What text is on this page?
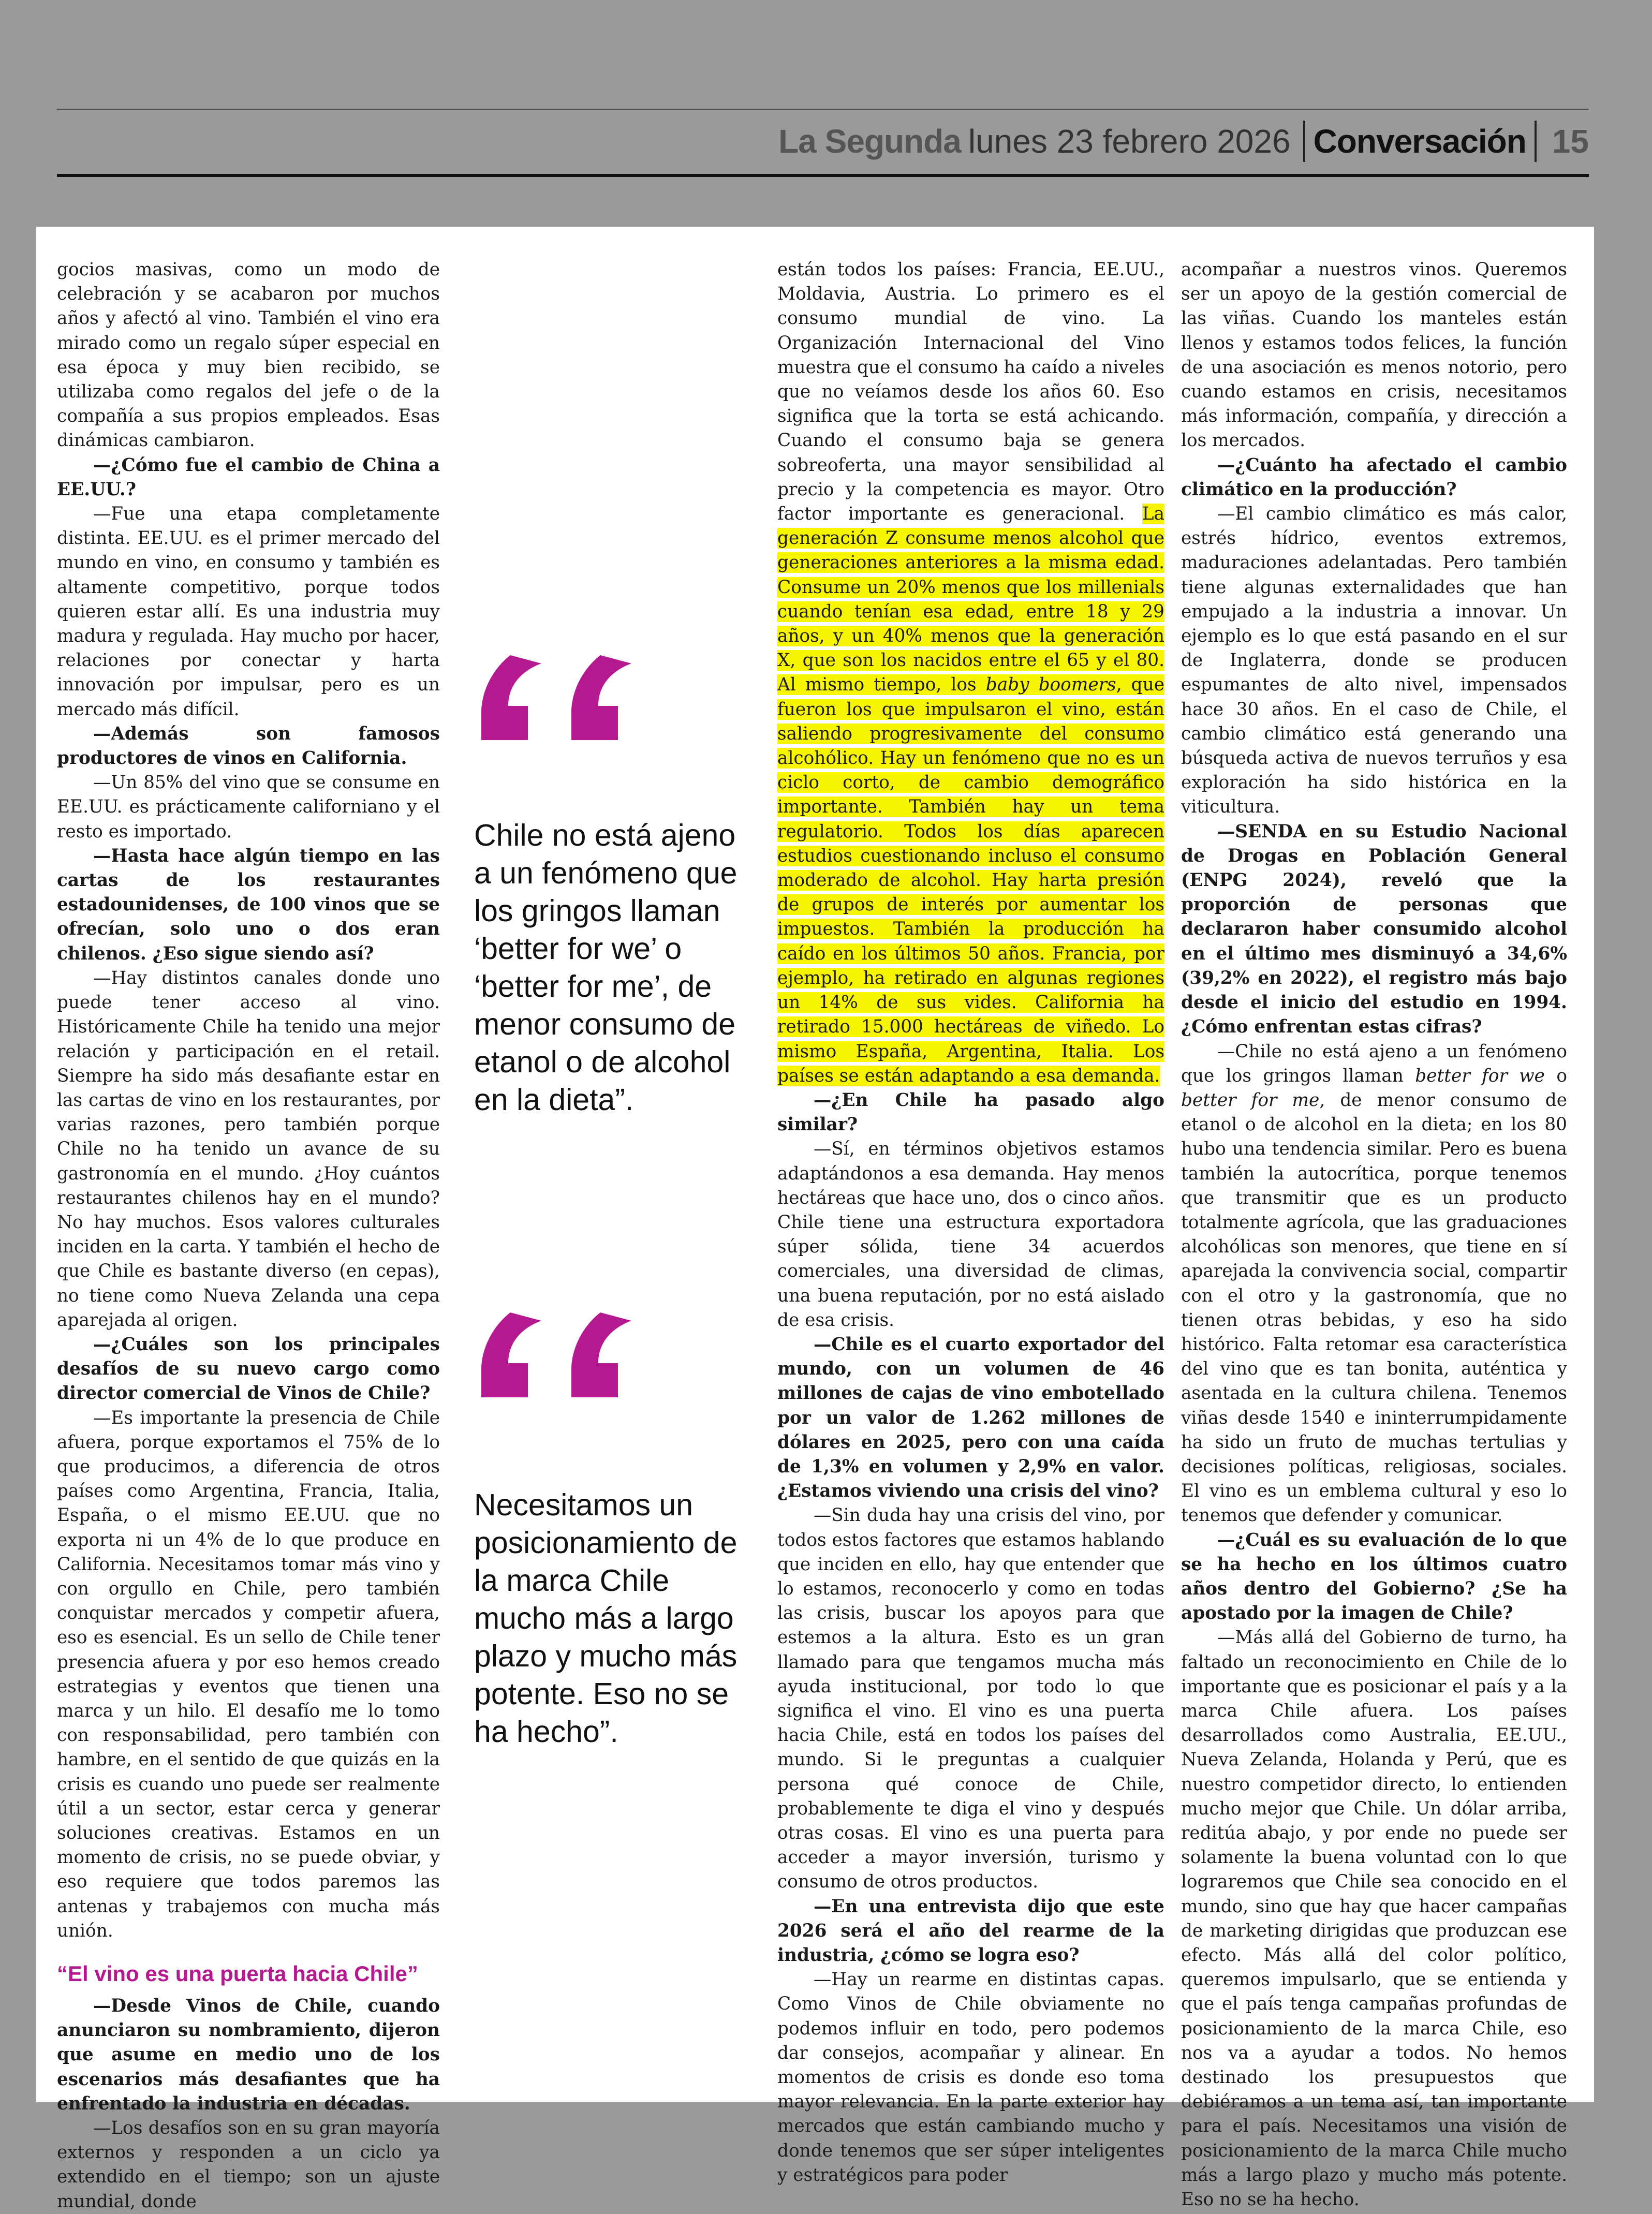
La Segunda lunes 23 febrero 2026 Conversación 15

gocios masivas, como un modo de celebración y se acabaron por muchos años y afectó al vino. También el vino era mirado como un regalo súper especial en esa época y muy bien recibido, se utilizaba como regalos del jefe o de la compañía a sus propios empleados. Esas dinámicas cambiaron.

—¿Cómo fue el cambio de China a EE.UU.?

—Fue una etapa completamente distinta. EE.UU. es el primer mercado del mundo en vino, en consumo y también es altamente competitivo, porque todos quieren estar allí. Es una industria muy madura y regulada. Hay mucho por hacer, relaciones por conectar y harta innovación por impulsar, pero es un mercado más difícil.

—Además son famosos productores de vinos en California.

—Un 85% del vino que se consume en EE.UU. es prácticamente californiano y el resto es importado.

—Hasta hace algún tiempo en las cartas de los restaurantes estadounidenses, de 100 vinos que se ofrecían, solo uno o dos eran chilenos. ¿Eso sigue siendo así?

—Hay distintos canales donde uno puede tener acceso al vino. Históricamente Chile ha tenido una mejor relación y participación en el retail. Siempre ha sido más desafiante estar en las cartas de vino en los restaurantes, por varias razones, pero también porque Chile no ha tenido un avance de su gastronomía en el mundo. ¿Hoy cuántos restaurantes chilenos hay en el mundo? No hay muchos. Esos valores culturales inciden en la carta. Y también el hecho de que Chile es bastante diverso (en cepas), no tiene como Nueva Zelanda una cepa aparejada al origen.

—¿Cuáles son los principales desafíos de su nuevo cargo como director comercial de Vinos de Chile?

—Es importante la presencia de Chile afuera, porque exportamos el 75% de lo que producimos, a diferencia de otros países como Argentina, Francia, Italia, España, o el mismo EE.UU. que no exporta ni un 4% de lo que produce en California. Necesitamos tomar más vino y con orgullo en Chile, pero también conquistar mercados y competir afuera, eso es esencial. Es un sello de Chile tener presencia afuera y por eso hemos creado estrategias y eventos que tienen una marca y un hilo. El desafío me lo tomo con responsabilidad, pero también con hambre, en el sentido de que quizás en la crisis es cuando uno puede ser realmente útil a un sector, estar cerca y generar soluciones creativas. Estamos en un momento de crisis, no se puede obviar, y eso requiere que todos paremos las antenas y trabajemos con mucha más unión.

“El vino es una puerta hacia Chile”

—Desde Vinos de Chile, cuando anunciaron su nombramiento, dijeron que asume en medio uno de los escenarios más desafiantes que ha enfrentado la industria en décadas.

—Los desafíos son en su gran mayoría externos y responden a un ciclo ya extendido en el tiempo; son un ajuste mundial, donde

Chile no está ajeno a un fenómeno que los gringos llaman ‘better for we’ o ‘better for me’, de menor consumo de etanol o de alcohol en la dieta”.
Necesitamos un posicionamiento de la marca Chile mucho más a largo plazo y mucho más potente. Eso no se ha hecho”.

están todos los países: Francia, EE.UU., Moldavia, Austria. Lo primero es el consumo mundial de vino. La Organización Internacional del Vino muestra que el consumo ha caído a niveles que no veíamos desde los años 60. Eso significa que la torta se está achicando. Cuando el consumo baja se genera sobreoferta, una mayor sensibilidad al precio y la competencia es mayor. Otro factor importante es generacional. La generación Z consume menos alcohol que generaciones anteriores a la misma edad. Consume un 20% menos que los millenials cuando tenían esa edad, entre 18 y 29 años, y un 40% menos que la generación X, que son los nacidos entre el 65 y el 80. Al mismo tiempo, los baby boomers, que fueron los que impulsaron el vino, están saliendo progresivamente del consumo alcohólico. Hay un fenómeno que no es un ciclo corto, de cambio demográfico importante. También hay un tema regulatorio. Todos los días aparecen estudios cuestionando incluso el consumo moderado de alcohol. Hay harta presión de grupos de interés por aumentar los impuestos. También la producción ha caído en los últimos 50 años. Francia, por ejemplo, ha retirado en algunas regiones un 14% de sus vides. California ha retirado 15.000 hectáreas de viñedo. Lo mismo España, Argentina, Italia. Los países se están adaptando a esa demanda.

—¿En Chile ha pasado algo similar?

—Sí, en términos objetivos estamos adaptándonos a esa demanda. Hay menos hectáreas que hace uno, dos o cinco años. Chile tiene una estructura exportadora súper sólida, tiene 34 acuerdos comerciales, una diversidad de climas, una buena reputación, por no está aislado de esa crisis.

—Chile es el cuarto exportador del mundo, con un volumen de 46 millones de cajas de vino embotellado por un valor de 1.262 millones de dólares en 2025, pero con una caída de 1,3% en volumen y 2,9% en valor. ¿Estamos viviendo una crisis del vino?

—Sin duda hay una crisis del vino, por todos estos factores que estamos hablando que inciden en ello, hay que entender que lo estamos, reconocerlo y como en todas las crisis, buscar los apoyos para que estemos a la altura. Esto es un gran llamado para que tengamos mucha más ayuda institucional, por todo lo que significa el vino. El vino es una puerta hacia Chile, está en todos los países del mundo. Si le preguntas a cualquier persona qué conoce de Chile, probablemente te diga el vino y después otras cosas. El vino es una puerta para acceder a mayor inversión, turismo y consumo de otros productos.

—En una entrevista dijo que este 2026 será el año del rearme de la industria, ¿cómo se logra eso?

—Hay un rearme en distintas capas. Como Vinos de Chile obviamente no podemos influir en todo, pero podemos dar consejos, acompañar y alinear. En momentos de crisis es donde eso toma mayor relevancia. En la parte exterior hay mercados que están cambiando mucho y donde tenemos que ser súper inteligentes y estratégicos para poder

acompañar a nuestros vinos. Queremos ser un apoyo de la gestión comercial de las viñas. Cuando los manteles están llenos y estamos todos felices, la función de una asociación es menos notorio, pero cuando estamos en crisis, necesitamos más información, compañía, y dirección a los mercados.

—¿Cuánto ha afectado el cambio climático en la producción?

—El cambio climático es más calor, estrés hídrico, eventos extremos, maduraciones adelantadas. Pero también tiene algunas externalidades que han empujado a la industria a innovar. Un ejemplo es lo que está pasando en el sur de Inglaterra, donde se producen espumantes de alto nivel, impensados hace 30 años. En el caso de Chile, el cambio climático está generando una búsqueda activa de nuevos terruños y esa exploración ha sido histórica en la viticultura.

—SENDA en su Estudio Nacional de Drogas en Población General (ENPG 2024), reveló que la proporción de personas que declararon haber consumido alcohol en el último mes disminuyó a 34,6% (39,2% en 2022), el registro más bajo desde el inicio del estudio en 1994. ¿Cómo enfrentan estas cifras?

—Chile no está ajeno a un fenómeno que los gringos llaman better for we o better for me, de menor consumo de etanol o de alcohol en la dieta; en los 80 hubo una tendencia similar. Pero es buena también la autocrítica, porque tenemos que transmitir que es un producto totalmente agrícola, que las graduaciones alcohólicas son menores, que tiene en sí aparejada la convivencia social, compartir con el otro y la gastronomía, que no tienen otras bebidas, y eso ha sido histórico. Falta retomar esa característica del vino que es tan bonita, auténtica y asentada en la cultura chilena. Tenemos viñas desde 1540 e ininterrumpidamente ha sido un fruto de muchas tertulias y decisiones políticas, religiosas, sociales. El vino es un emblema cultural y eso lo tenemos que defender y comunicar.

—¿Cuál es su evaluación de lo que se ha hecho en los últimos cuatro años dentro del Gobierno? ¿Se ha apostado por la imagen de Chile?

—Más allá del Gobierno de turno, ha faltado un reconocimiento en Chile de lo importante que es posicionar el país y a la marca Chile afuera. Los países desarrollados como Australia, EE.UU., Nueva Zelanda, Holanda y Perú, que es nuestro competidor directo, lo entienden mucho mejor que Chile. Un dólar arriba, reditúa abajo, y por ende no puede ser solamente la buena voluntad con lo que lograremos que Chile sea conocido en el mundo, sino que hay que hacer campañas de marketing dirigidas que produzcan ese efecto. Más allá del color político, queremos impulsarlo, que se entienda y que el país tenga campañas profundas de posicionamiento de la marca Chile, eso nos va a ayudar a todos. No hemos destinado los presupuestos que debiéramos a un tema así, tan importante para el país. Necesitamos una visión de posicionamiento de la marca Chile mucho más a largo plazo y mucho más potente. Eso no se ha hecho.
